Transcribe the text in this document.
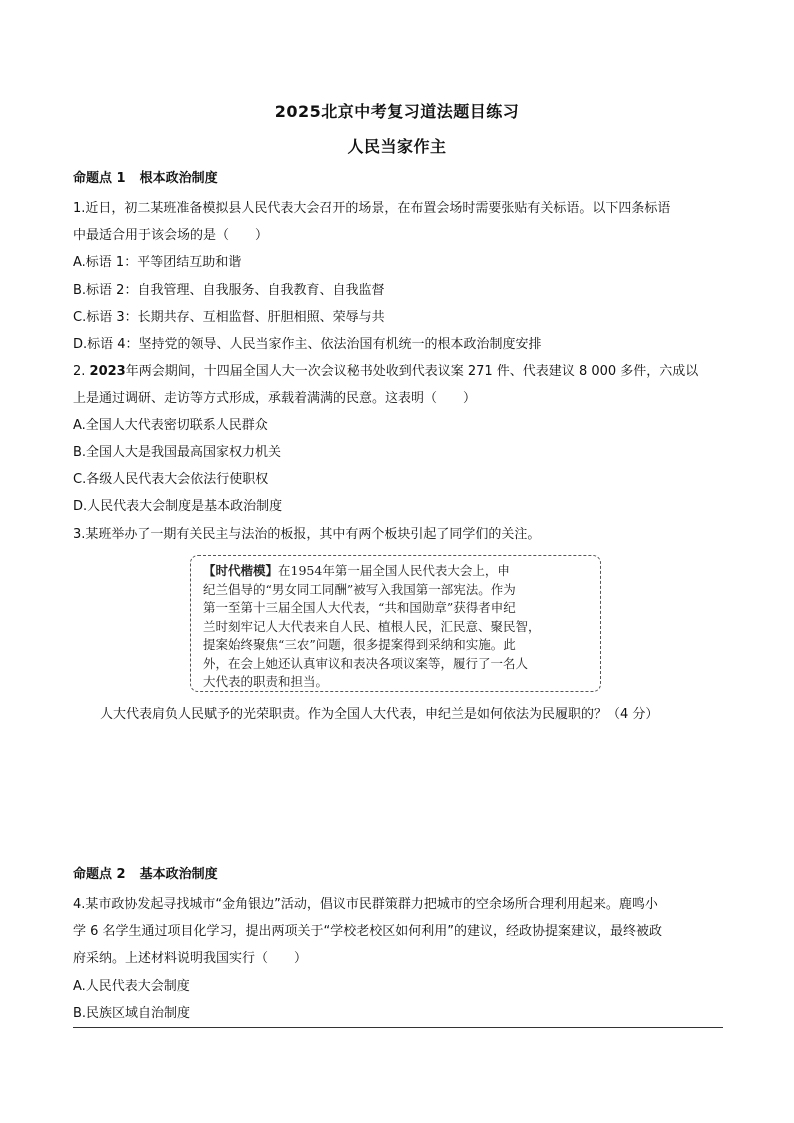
2025北京中考复习道法题目练习
人民当家作主
命题点 1 根本政治制度
1.近日，初二某班准备模拟县人民代表大会召开的场景，在布置会场时需要张贴有关标语。以下四条标语
中最适合用于该会场的是（　　）
A.标语 1：平等团结互助和谐
B.标语 2：自我管理、自我服务、自我教育、自我监督
C.标语 3：长期共存、互相监督、肝胆相照、荣辱与共
D.标语 4：坚持党的领导、人民当家作主、依法治国有机统一的根本政治制度安排
2. 2023年两会期间，十四届全国人大一次会议秘书处收到代表议案 271 件、代表建议 8 000 多件，六成以
上是通过调研、走访等方式形成，承载着满满的民意。这表明（　　）
A.全国人大代表密切联系人民群众
B.全国人大是我国最高国家权力机关
C.各级人民代表大会依法行使职权
D.人民代表大会制度是基本政治制度
3.某班举办了一期有关民主与法治的板报，其中有两个板块引起了同学们的关注。
【时代楷模】在1954年第一届全国人民代表大会上，申
纪兰倡导的“男女同工同酬”被写入我国第一部宪法。作为
第一至第十三届全国人大代表，“共和国勋章”获得者申纪
兰时刻牢记人大代表来自人民、植根人民，汇民意、聚民智，
提案始终聚焦“三农”问题，很多提案得到采纳和实施。此
外，在会上她还认真审议和表决各项议案等，履行了一名人
大代表的职责和担当。
人大代表肩负人民赋予的光荣职责。作为全国人大代表，申纪兰是如何依法为民履职的？（4 分）
命题点 2 基本政治制度
4.某市政协发起寻找城市“金角银边”活动，倡议市民群策群力把城市的空余场所合理利用起来。鹿鸣小
学 6 名学生通过项目化学习，提出两项关于“学校老校区如何利用”的建议，经政协提案建议，最终被政
府采纳。上述材料说明我国实行（　　）
A.人民代表大会制度
B.民族区域自治制度
